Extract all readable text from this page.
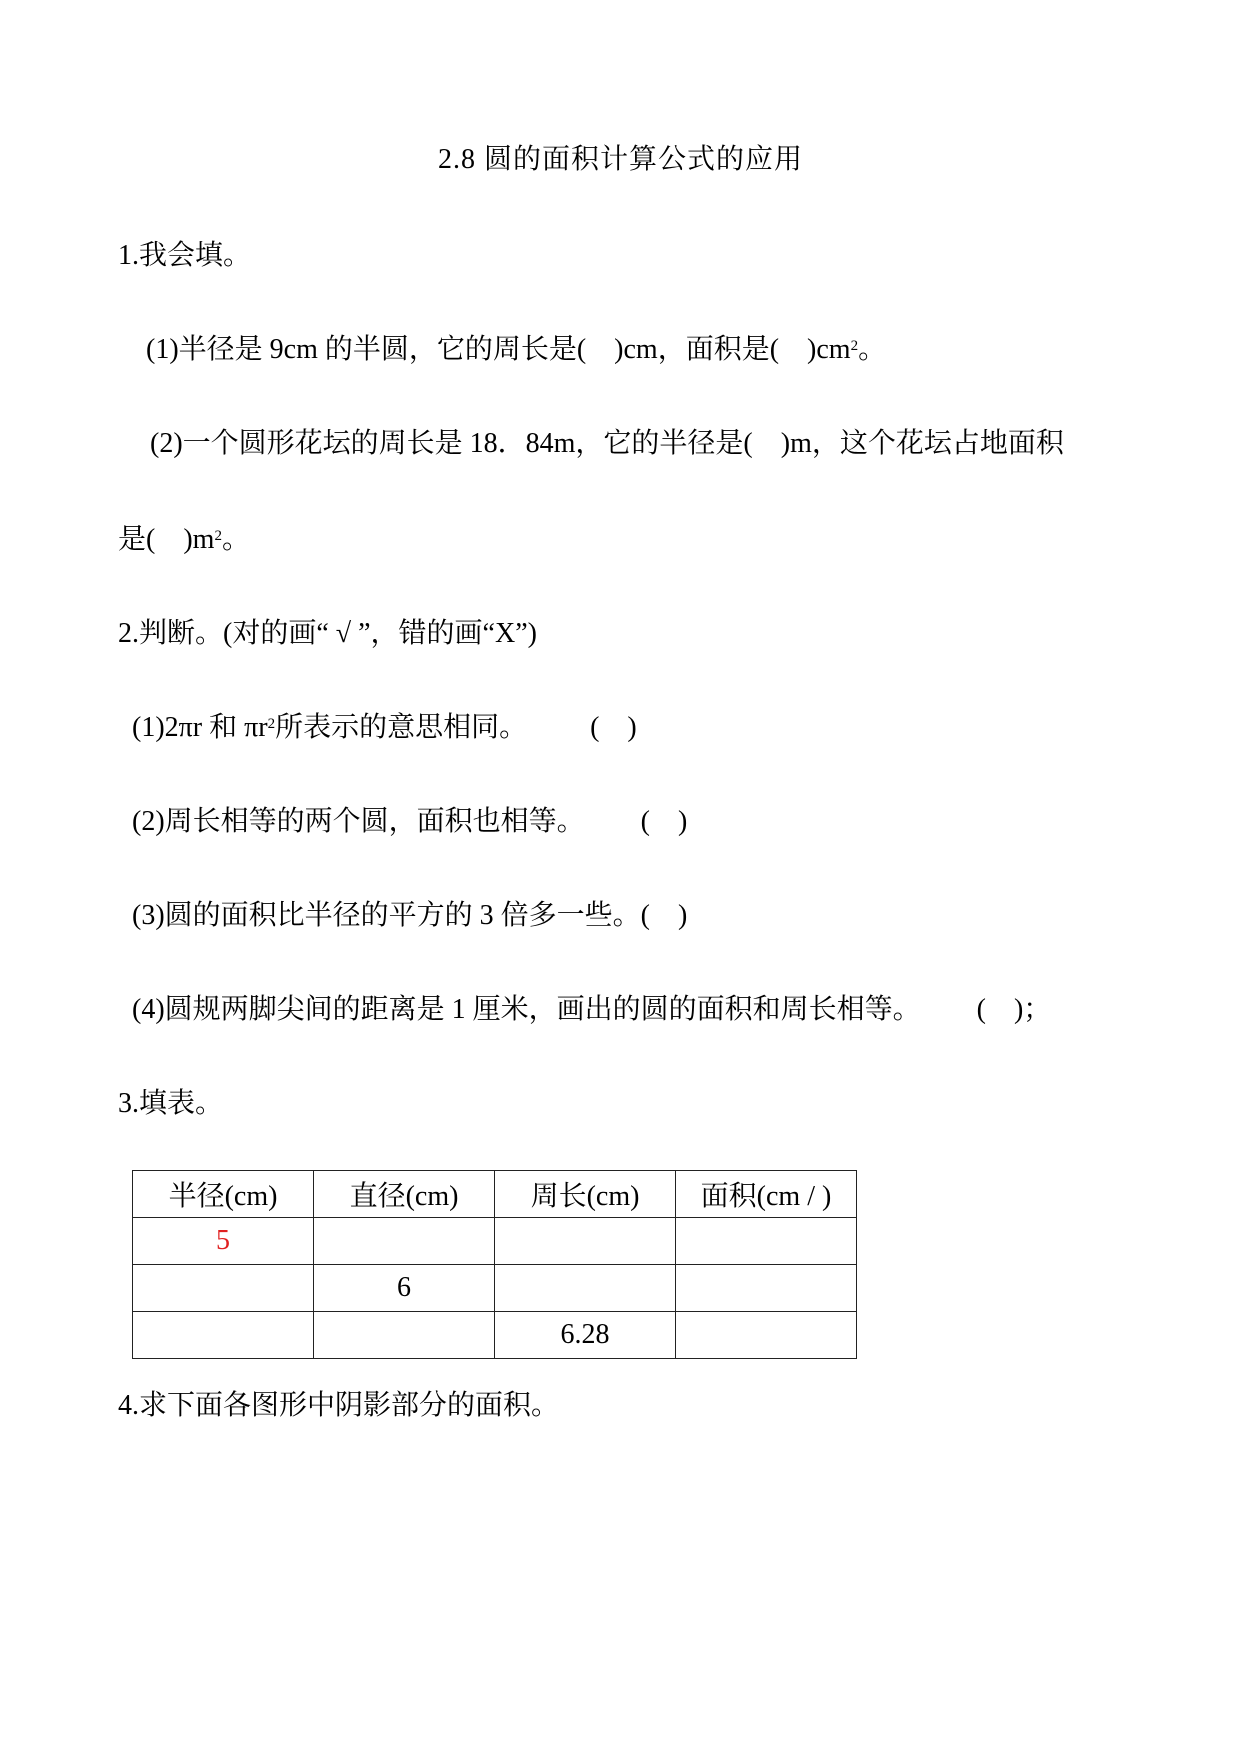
2.8 圆的面积计算公式的应用
1.我会填。
(1)半径是 9cm 的半圆，它的周长是(    )cm，面积是(    )$cm^2$。
(2)一个圆形花坛的周长是 18．84m，它的半径是(    )m，这个花坛占地面积
是(    )$m^2$。
2.判断。(对的画“ √ ”，错的画“X”)
(1)2πr 和 $\pi r^2$所表示的意思相同。         (    )
(2)周长相等的两个圆，面积也相等。        (    )
(3)圆的面积比半径的平方的 3 倍多一些。(    )
(4)圆规两脚尖间的距离是 1 厘米，画出的圆的面积和周长相等。        (    )；
3.填表。
半径(cm)	直径(cm)	周长(cm)	面积(cm / )
5			
	6		
		6.28	
4.求下面各图形中阴影部分的面积。
